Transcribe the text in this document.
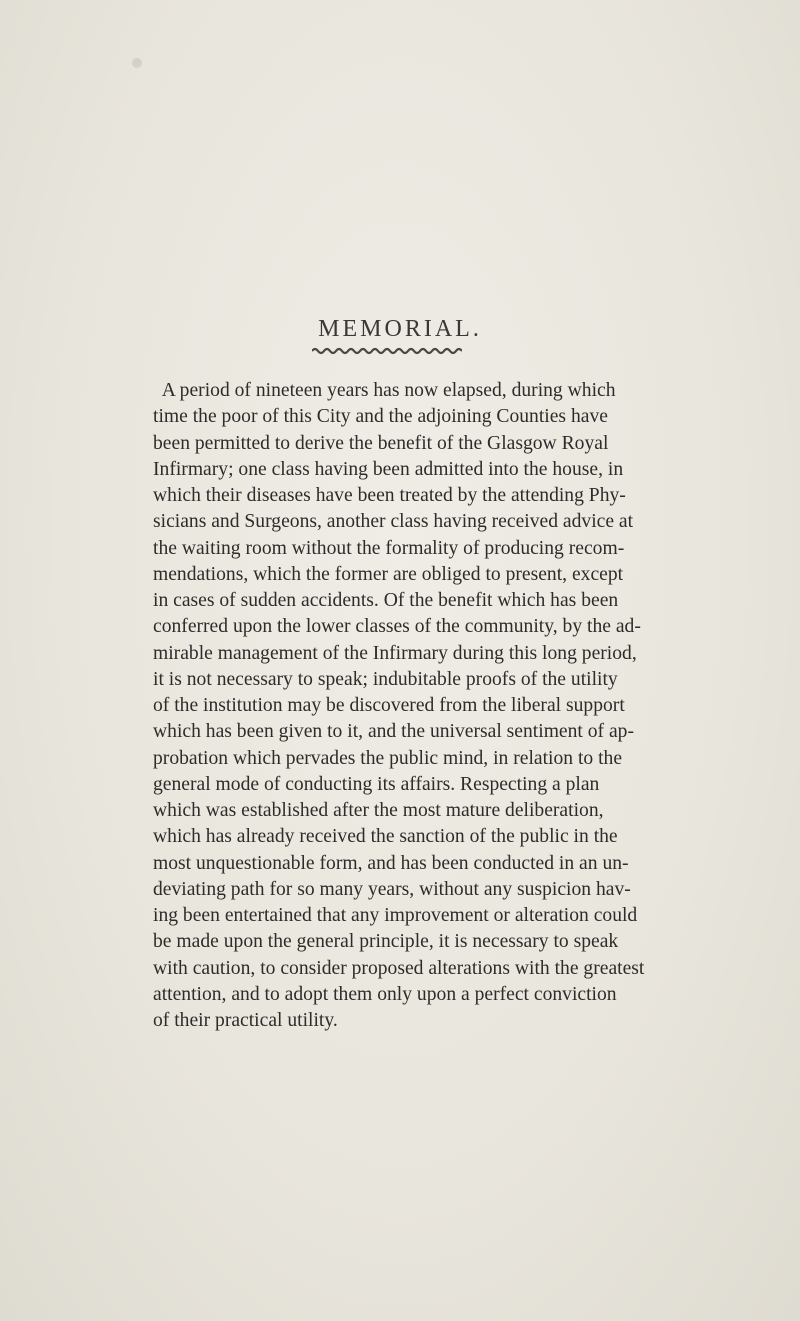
MEMORIAL.
A period of nineteen years has now elapsed, during which
time the poor of this City and the adjoining Counties have
been permitted to derive the benefit of the Glasgow Royal
Infirmary; one class having been admitted into the house, in
which their diseases have been treated by the attending Phy-
sicians and Surgeons, another class having received advice at
the waiting room without the formality of producing recom-
mendations, which the former are obliged to present, except
in cases of sudden accidents. Of the benefit which has been
conferred upon the lower classes of the community, by the ad-
mirable management of the Infirmary during this long period,
it is not necessary to speak; indubitable proofs of the utility
of the institution may be discovered from the liberal support
which has been given to it, and the universal sentiment of ap-
probation which pervades the public mind, in relation to the
general mode of conducting its affairs. Respecting a plan
which was established after the most mature deliberation,
which has already received the sanction of the public in the
most unquestionable form, and has been conducted in an un-
deviating path for so many years, without any suspicion hav-
ing been entertained that any improvement or alteration could
be made upon the general principle, it is necessary to speak
with caution, to consider proposed alterations with the greatest
attention, and to adopt them only upon a perfect conviction
of their practical utility.
